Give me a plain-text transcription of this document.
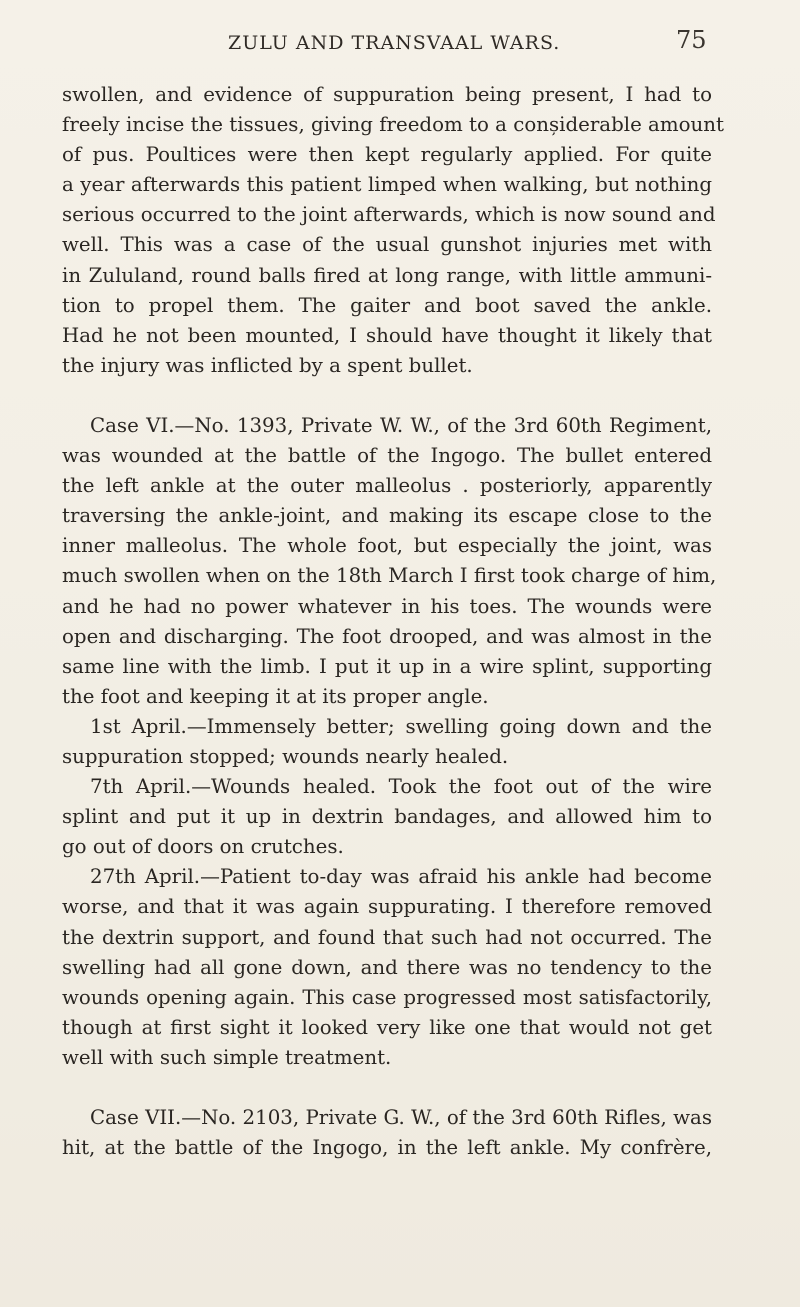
ZULU AND TRANSVAAL WARS.	75
swollen, and evidence of suppuration being present, I had to
freely incise the tissues, giving freedom to a conșiderable amount
of pus. Poultices were then kept regularly applied. For quite
a year afterwards this patient limped when walking, but nothing
serious occurred to the joint afterwards, which is now sound and
well. This was a case of the usual gunshot injuries met with
in Zululand, round balls fired at long range, with little ammuni-
tion to propel them. The gaiter and boot saved the ankle.
Had he not been mounted, I should have thought it likely that
the injury was inflicted by a spent bullet.
Case VI.—No. 1393, Private W. W., of the 3rd 60th Regiment,
was wounded at the battle of the Ingogo. The bullet entered
the left ankle at the outer malleolus . posteriorly, apparently
traversing the ankle-joint, and making its escape close to the
inner malleolus. The whole foot, but especially the joint, was
much swollen when on the 18th March I first took charge of him,
and he had no power whatever in his toes. The wounds were
open and discharging. The foot drooped, and was almost in the
same line with the limb. I put it up in a wire splint, supporting
the foot and keeping it at its proper angle.
1st April.—Immensely better; swelling going down and the
suppuration stopped; wounds nearly healed.
7th April.—Wounds healed. Took the foot out of the wire
splint and put it up in dextrin bandages, and allowed him to
go out of doors on crutches.
27th April.—Patient to-day was afraid his ankle had become
worse, and that it was again suppurating. I therefore removed
the dextrin support, and found that such had not occurred. The
swelling had all gone down, and there was no tendency to the
wounds opening again. This case progressed most satisfactorily,
though at first sight it looked very like one that would not get
well with such simple treatment.
Case VII.—No. 2103, Private G. W., of the 3rd 60th Rifles, was
hit, at the battle of the Ingogo, in the left ankle. My confrère,
